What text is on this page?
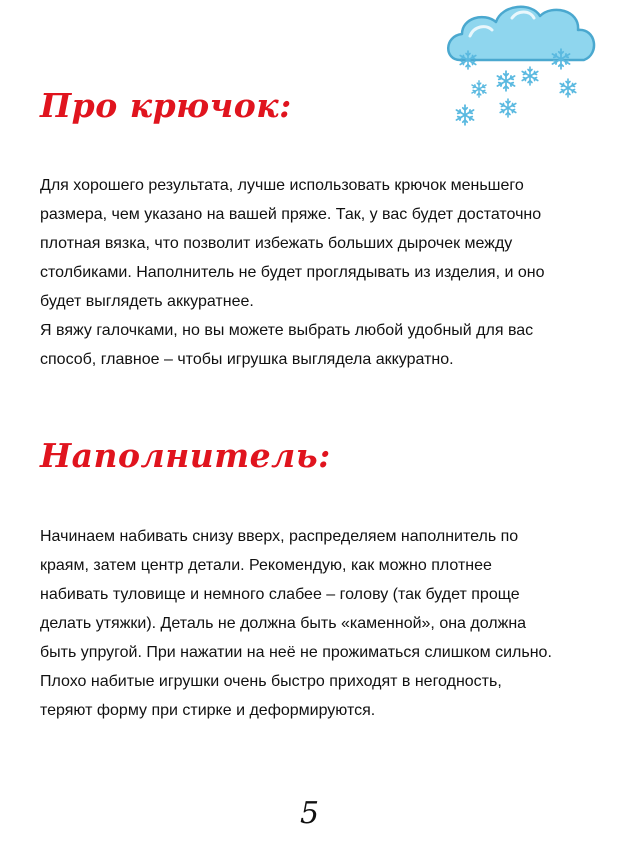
Про крючок:

Для хорошего результата, лучше использовать крючок меньшего
размера, чем указано на вашей пряже. Так, у вас будет достаточно
плотная вязка, что позволит избежать больших дырочек между
столбиками. Наполнитель не будет проглядывать из изделия, и оно
будет выглядеть аккуратнее.
Я вяжу галочками, но вы можете выбрать любой удобный для вас
способ, главное – чтобы игрушка выглядела аккуратно.

Наполнитель:

Начинаем набивать снизу вверх, распределяем наполнитель по
краям, затем центр детали. Рекомендую, как можно плотнее
набивать туловище и немного слабее – голову (так будет проще
делать утяжки). Деталь не должна быть «каменной», она должна
быть упругой. При нажатии на неё не прожиматься слишком сильно.
Плохо набитые игрушки очень быстро приходят в негодность,
теряют форму при стирке и деформируются.

5
